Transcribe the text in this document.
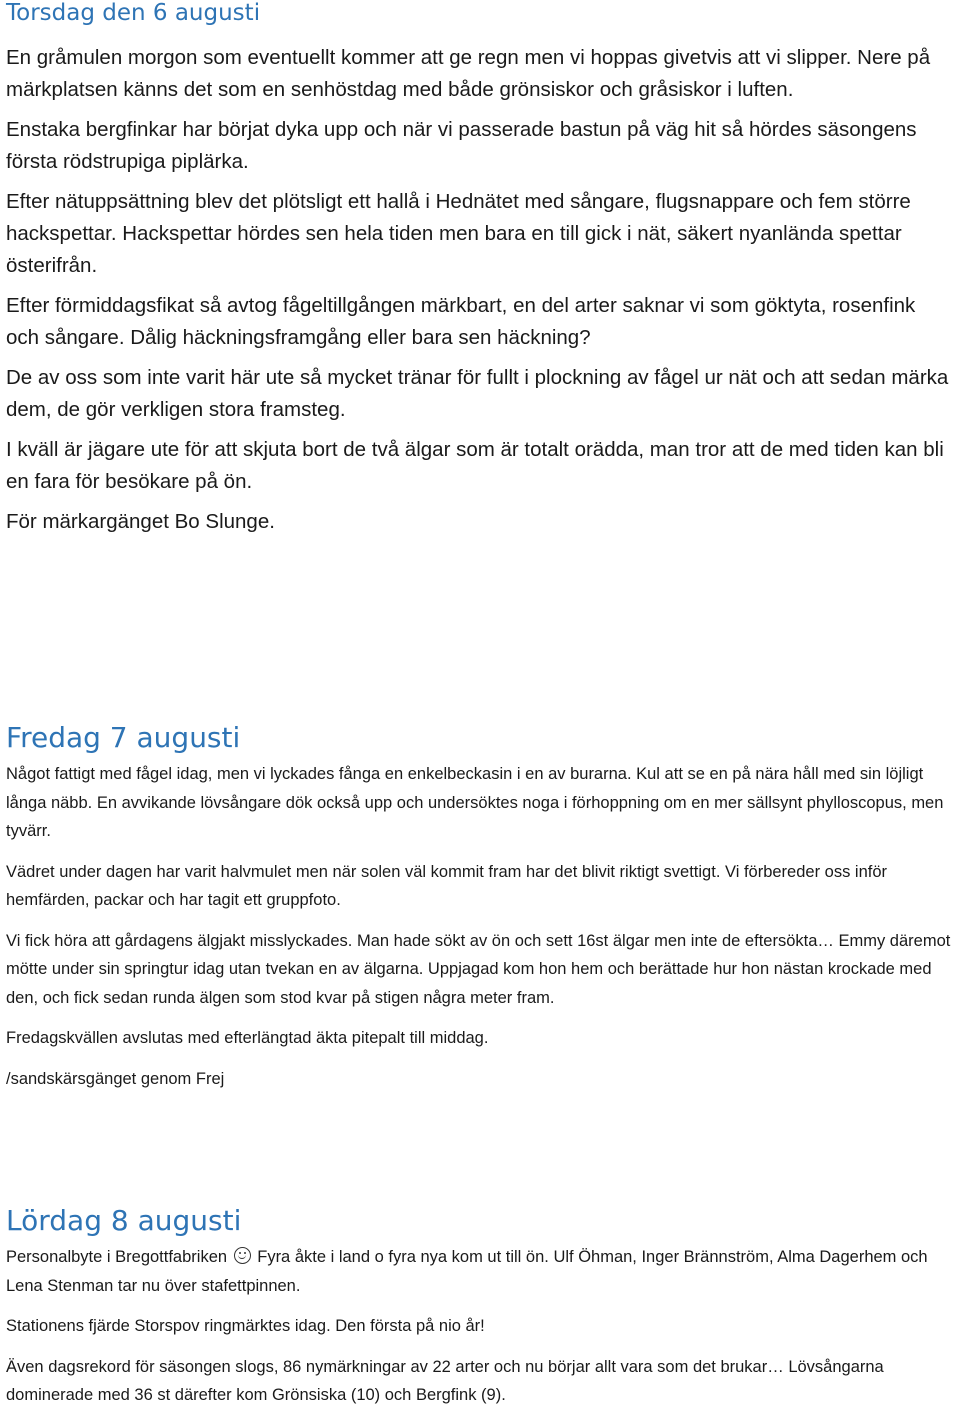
Torsdag den 6 augusti

En gråmulen morgon som eventuellt kommer att ge regn men vi hoppas givetvis att vi slipper. Nere på märkplatsen känns det som en senhöstdag med både grönsiskor och gråsiskor i luften.

Enstaka bergfinkar har börjat dyka upp och när vi passerade bastun på väg hit så hördes säsongens första rödstrupiga piplärka.

Efter nätuppsättning blev det plötsligt ett hallå i Hednätet med sångare, flugsnappare och fem större hackspettar. Hackspettar hördes sen hela tiden men bara en till gick i nät, säkert nyanlända spettar österifrån.

Efter förmiddagsfikat så avtog fågeltillgången märkbart, en del arter saknar vi som göktyta, rosenfink och sångare. Dålig häckningsframgång eller bara sen häckning?

De av oss som inte varit här ute så mycket tränar för fullt i plockning av fågel ur nät och att sedan märka dem, de gör verkligen stora framsteg.

I kväll är jägare ute för att skjuta bort de två älgar som är totalt orädda, man tror att de med tiden kan bli en fara för besökare på ön.

För märkargänget Bo Slunge.

Fredag 7 augusti

Något fattigt med fågel idag, men vi lyckades fånga en enkelbeckasin i en av burarna. Kul att se en på nära håll med sin löjligt långa näbb. En avvikande lövsångare dök också upp och undersöktes noga i förhoppning om en mer sällsynt phylloscopus, men tyvärr.

Vädret under dagen har varit halvmulet men när solen väl kommit fram har det blivit riktigt svettigt. Vi förbereder oss inför hemfärden, packar och har tagit ett gruppfoto.

Vi fick höra att gårdagens älgjakt misslyckades. Man hade sökt av ön och sett 16st älgar men inte de eftersökta… Emmy däremot mötte under sin springtur idag utan tvekan en av älgarna. Uppjagad kom hon hem och berättade hur hon nästan krockade med den, och fick sedan runda älgen som stod kvar på stigen några meter fram.

Fredagskvällen avslutas med efterlängtad äkta pitepalt till middag.

/sandskärsgänget genom Frej

Lördag 8 augusti

Personalbyte i Bregottfabriken Fyra åkte i land o fyra nya kom ut till ön. Ulf Öhman, Inger Brännström, Alma Dagerhem och Lena Stenman tar nu över stafettpinnen.

Stationens fjärde Storspov ringmärktes idag. Den första på nio år!

Även dagsrekord för säsongen slogs, 86 nymärkningar av 22 arter och nu börjar allt vara som det brukar… Lövsångarna dominerade med 36 st därefter kom Grönsiska (10) och Bergfink (9).
